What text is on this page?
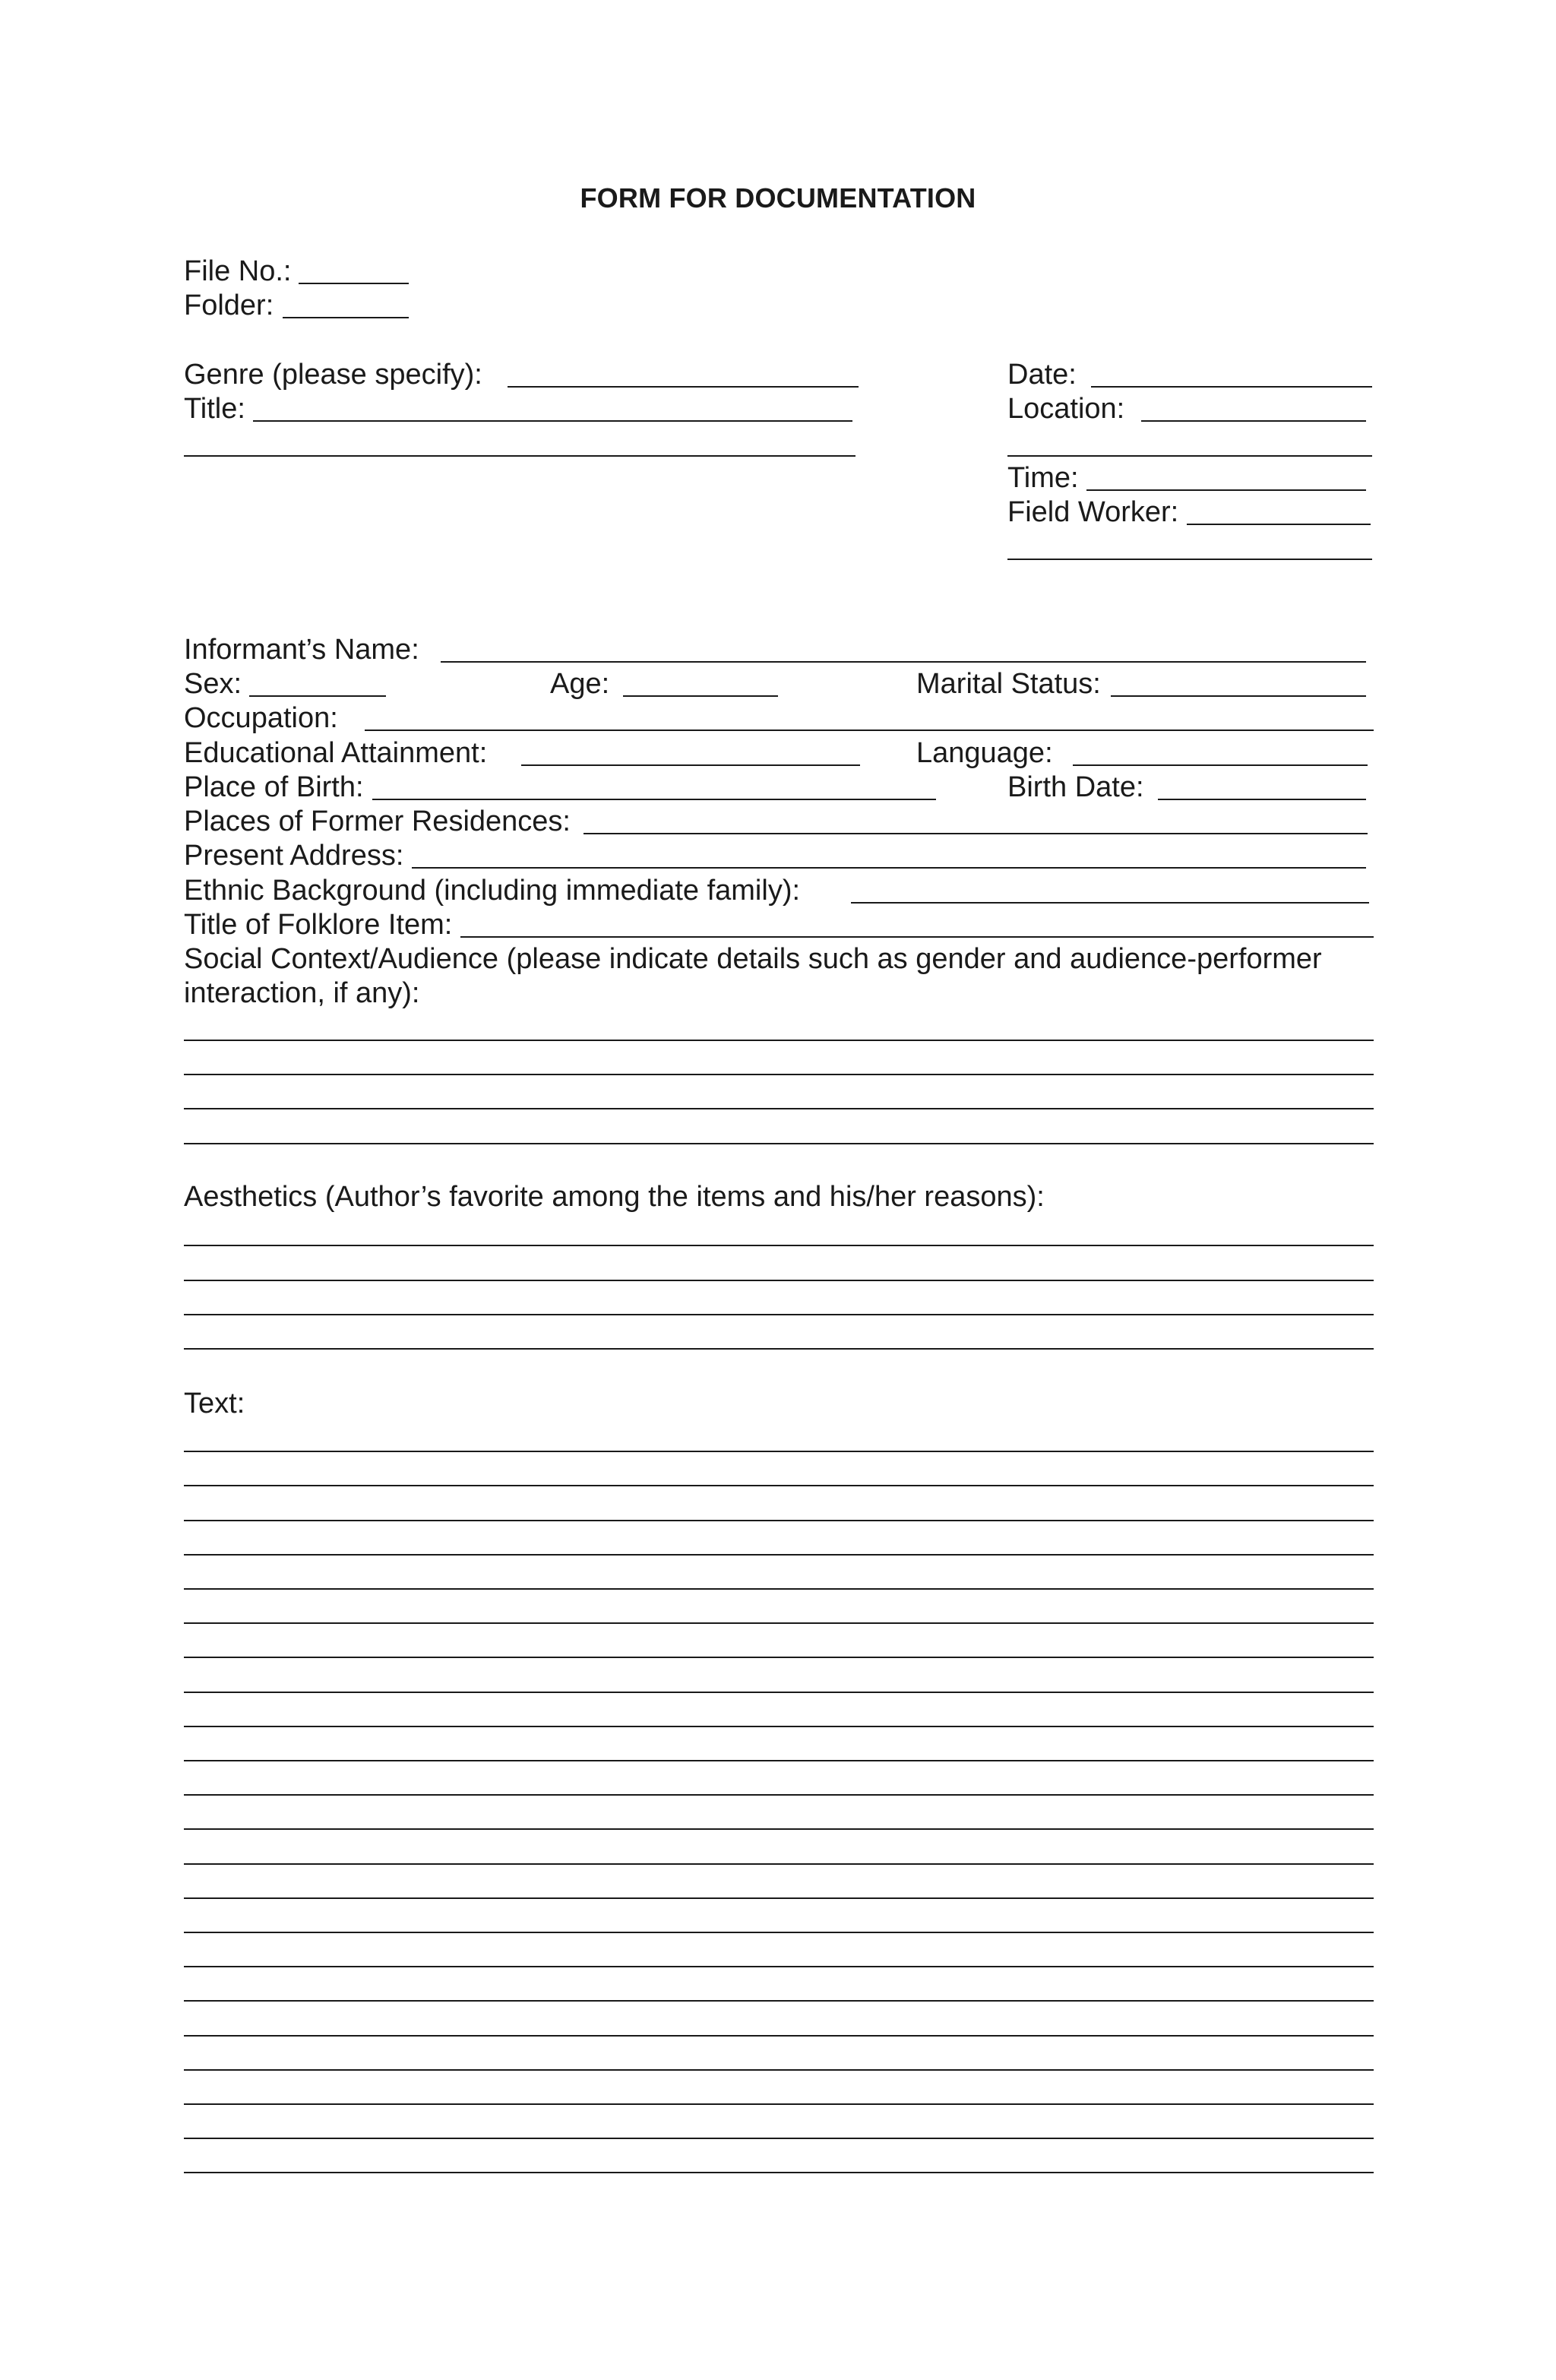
FORM FOR DOCUMENTATION
File No.:
Folder:
Genre (please specify):
Title:
Date:
Location:
Time:
Field Worker:
Informant’s Name:
Sex:	Age:	Marital Status:
Occupation:
Educational Attainment:	Language:
Place of Birth:	Birth Date:
Places of Former Residences:
Present Address:
Ethnic Background (including immediate family):
Title of Folklore Item:
Social Context/Audience (please indicate details such as gender and audience-performer interaction, if any):
Aesthetics (Author’s favorite among the items and his/her reasons):
Text:
